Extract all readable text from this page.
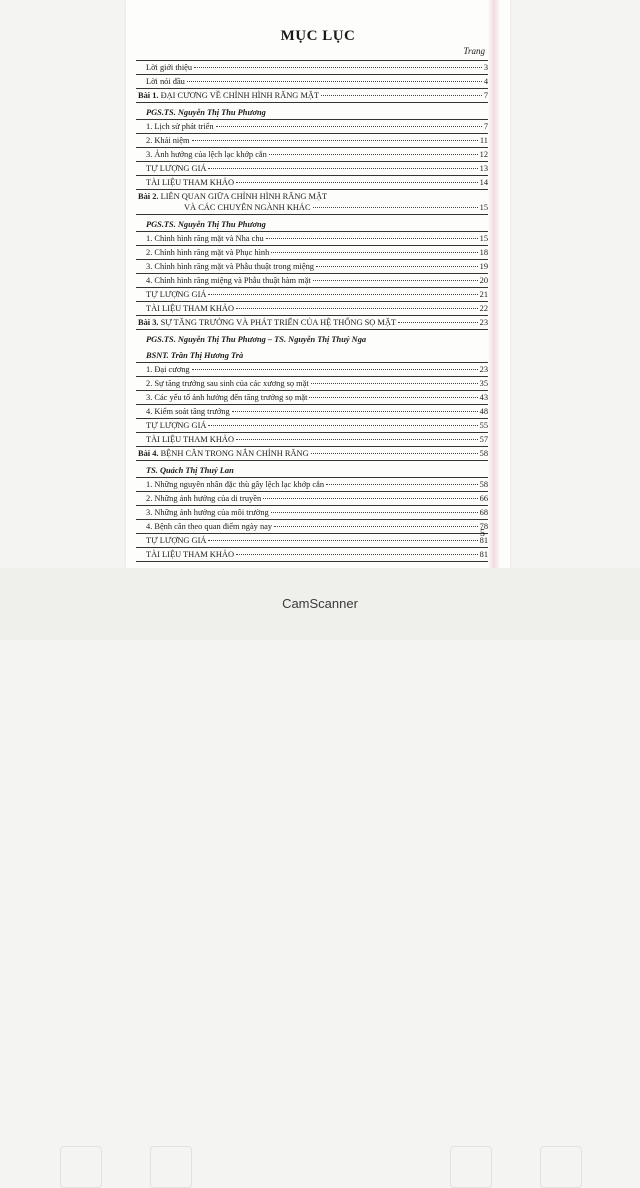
MỤC LỤC
Trang
Lời giới thiệu	3
Lời nói đầu	4
Bài 1. ĐẠI CƯƠNG VỀ CHỈNH HÌNH RĂNG MẶT	7
PGS.TS. Nguyễn Thị Thu Phương
1. Lịch sử phát triển	7
2. Khái niệm	11
3. Ảnh hưởng của lệch lạc khớp cắn	12
TỰ LƯỢNG GIÁ	13
TÀI LIỆU THAM KHẢO	14
Bài 2. LIÊN QUAN GIỮA CHỈNH HÌNH RĂNG MẶT
VÀ CÁC CHUYÊN NGÀNH KHÁC	15
PGS.TS. Nguyễn Thị Thu Phương
1. Chỉnh hình răng mặt và Nha chu	15
2. Chỉnh hình răng mặt và Phục hình	18
3. Chỉnh hình răng mặt và Phẫu thuật trong miệng	19
4. Chỉnh hình răng miệng và Phẫu thuật hàm mặt	20
TỰ LƯỢNG GIÁ	21
TÀI LIỆU THAM KHẢO	22
Bài 3. SỰ TĂNG TRƯỞNG VÀ PHÁT TRIỂN CỦA HỆ THỐNG SỌ MẶT	23
PGS.TS. Nguyễn Thị Thu Phương – TS. Nguyễn Thị Thuý Nga
BSNT. Trần Thị Hương Trà
1. Đại cương	23
2. Sự tăng trưởng sau sinh của các xương sọ mặt	35
3. Các yếu tố ảnh hưởng đến tăng trưởng sọ mặt	43
4. Kiểm soát tăng trưởng	48
TỰ LƯỢNG GIÁ	55
TÀI LIỆU THAM KHẢO	57
Bài 4. BỆNH CĂN TRONG NẮN CHỈNH RĂNG	58
TS. Quách Thị Thuý Lan
1. Những nguyên nhân đặc thù gây lệch lạc khớp cắn	58
2. Những ảnh hưởng của di truyền	66
3. Những ảnh hưởng của môi trường	68
4. Bệnh căn theo quan điểm ngày nay	78
TỰ LƯỢNG GIÁ	81
TÀI LIỆU THAM KHẢO	81
5
CamScanner
